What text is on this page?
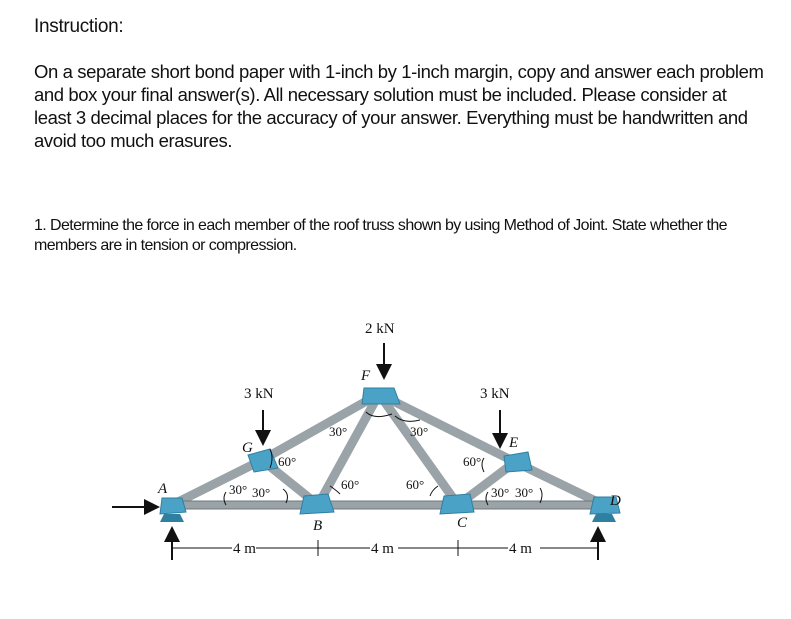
Instruction:
On a separate short bond paper with 1-inch by 1-inch margin, copy and answer each problem and box your final answer(s). All necessary solution must be included. Please consider at least 3 decimal places for the accuracy of your answer. Everything must be handwritten and avoid too much erasures.
1. Determine the force in each member of the roof truss shown by using Method of Joint. State whether the members are in tension or compression.
3 kN
2 kN
3 kN
A
B	C
D
E
F
G
60°
30° 30°
30°	30°
60°	60°
60°
30° 30°
4 m	4 m	4 m
